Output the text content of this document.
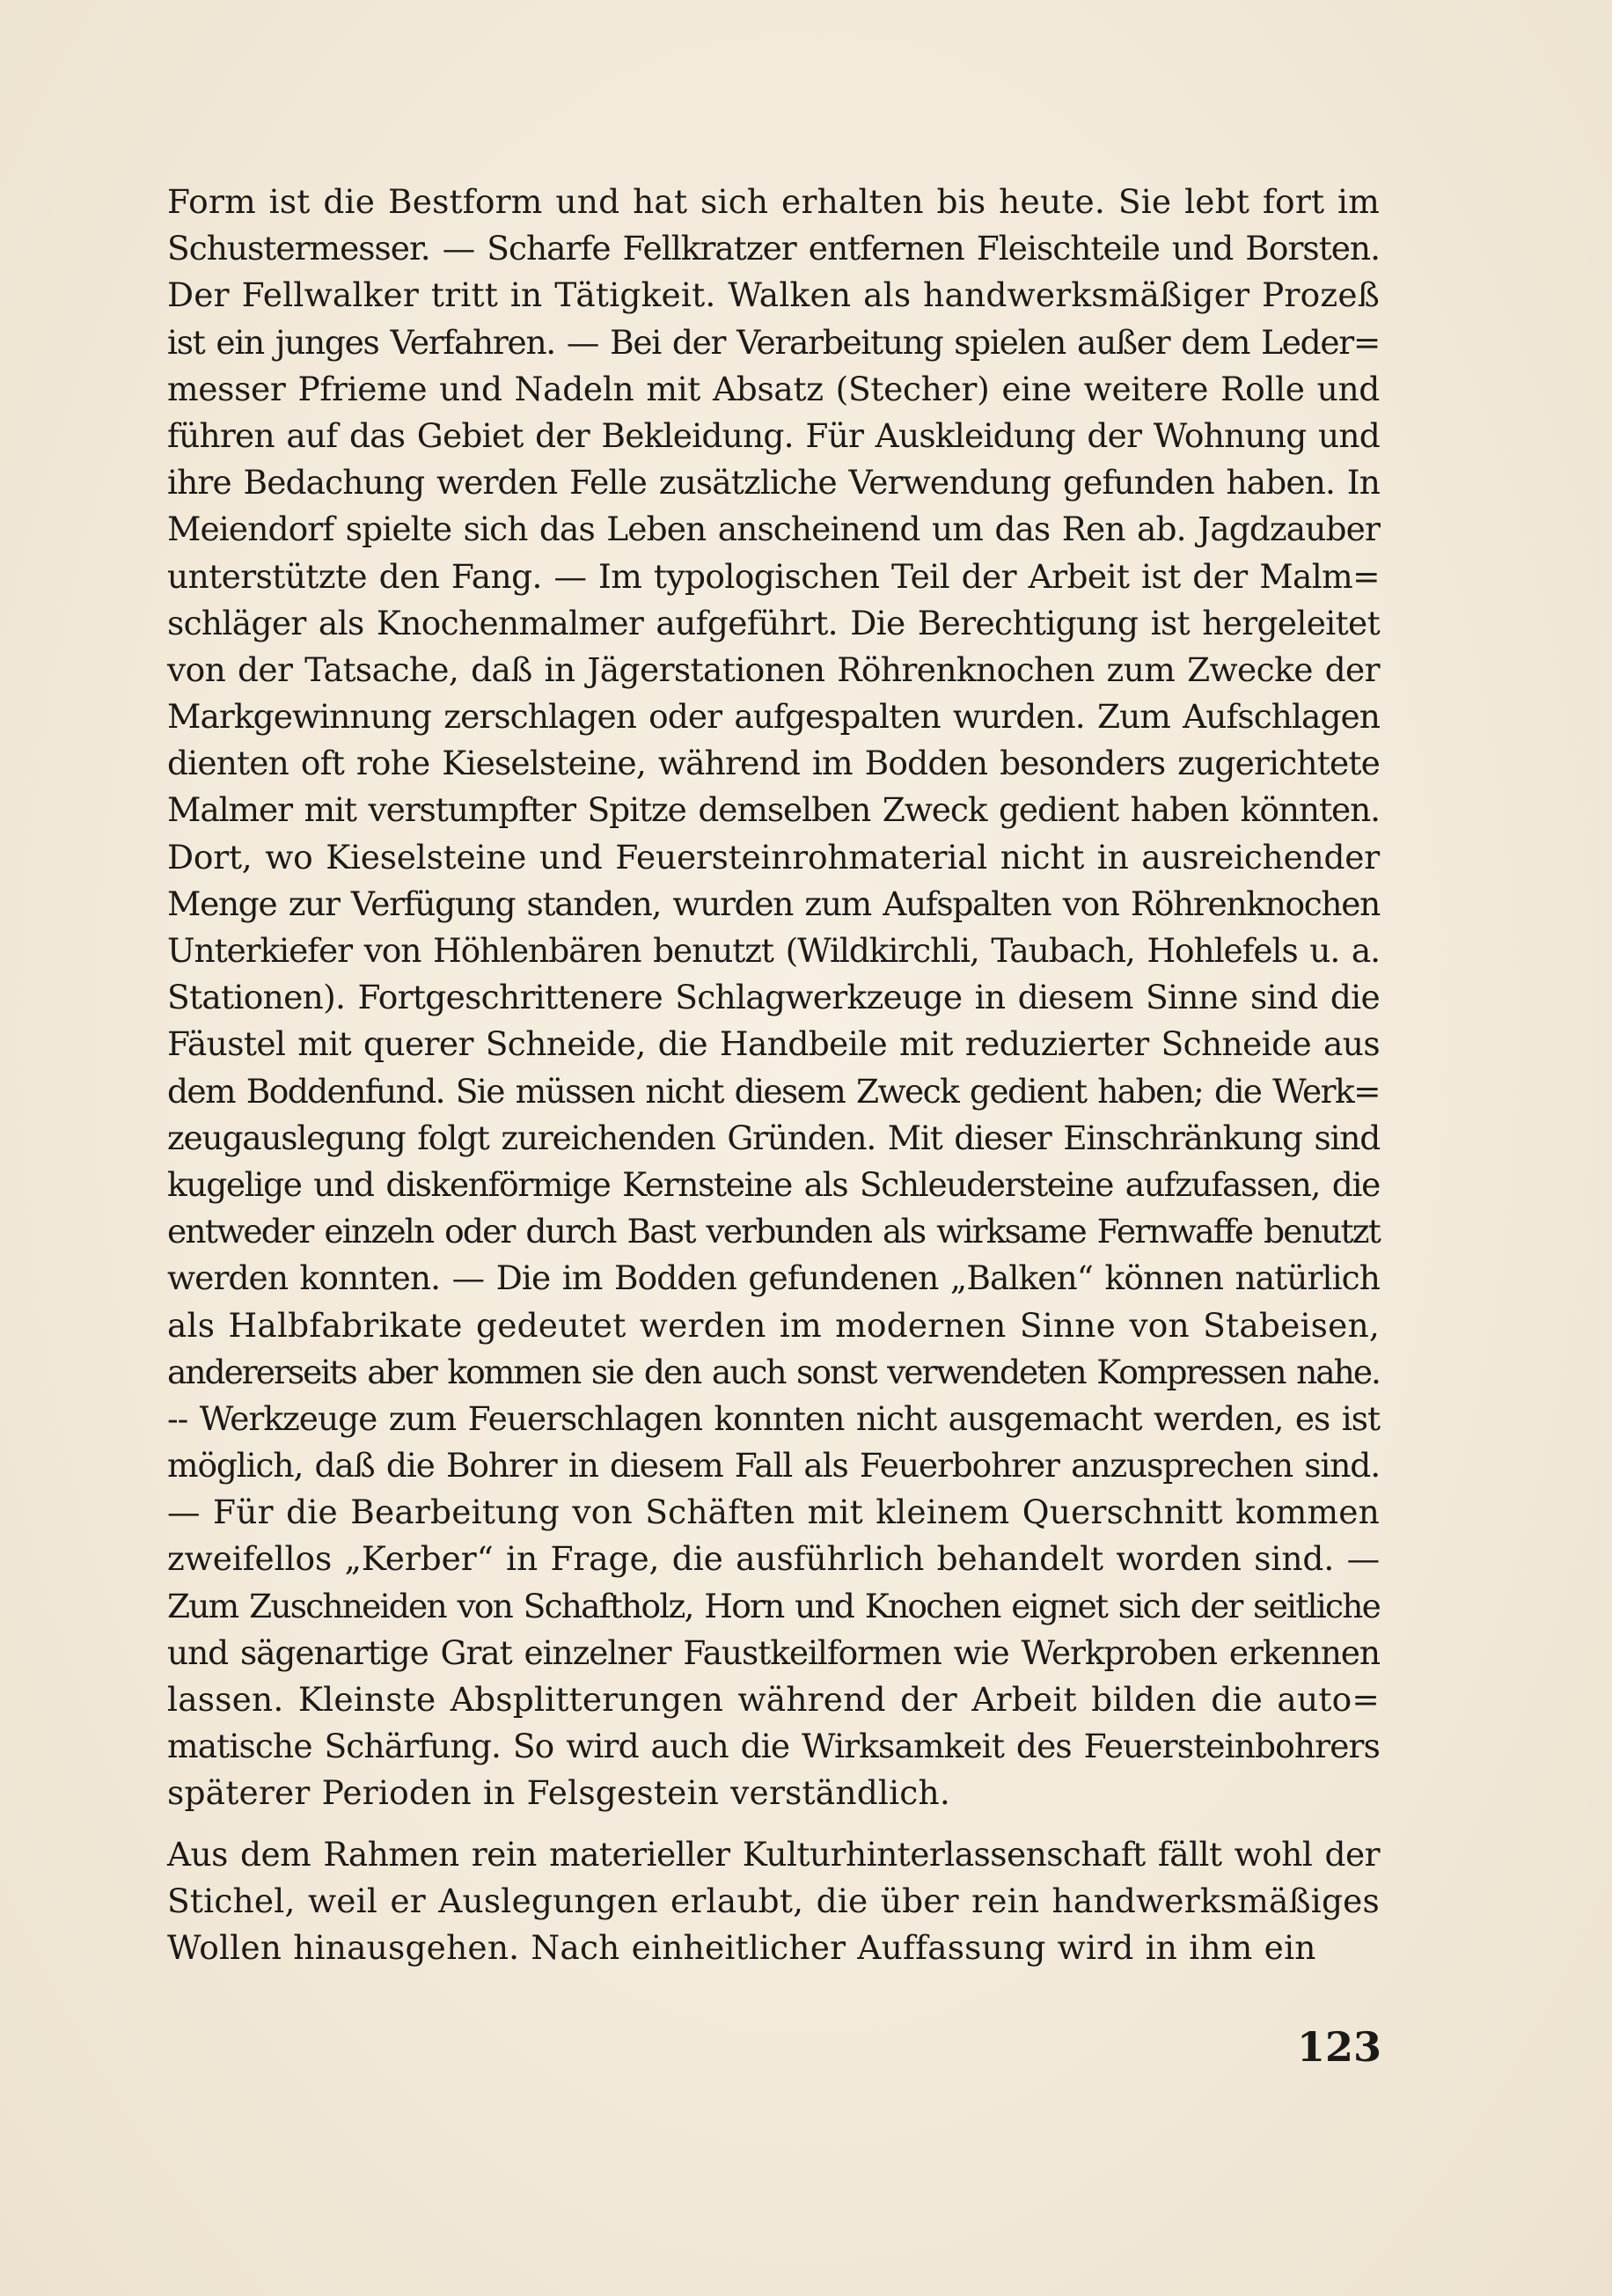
Form ist die Bestform und hat sich erhalten bis heute. Sie lebt fort im
Schustermesser. — Scharfe Fellkratzer entfernen Fleischteile und Borsten.
Der Fellwalker tritt in Tätigkeit. Walken als handwerksmäßiger Prozeß
ist ein junges Verfahren. — Bei der Verarbeitung spielen außer dem Leder=
messer Pfrieme und Nadeln mit Absatz (Stecher) eine weitere Rolle und
führen auf das Gebiet der Bekleidung. Für Auskleidung der Wohnung und
ihre Bedachung werden Felle zusätzliche Verwendung gefunden haben. In
Meiendorf spielte sich das Leben anscheinend um das Ren ab. Jagdzauber
unterstützte den Fang. — Im typologischen Teil der Arbeit ist der Malm=
schläger als Knochenmalmer aufgeführt. Die Berechtigung ist hergeleitet
von der Tatsache, daß in Jägerstationen Röhrenknochen zum Zwecke der
Markgewinnung zerschlagen oder aufgespalten wurden. Zum Aufschlagen
dienten oft rohe Kieselsteine, während im Bodden besonders zugerichtete
Malmer mit verstumpfter Spitze demselben Zweck gedient haben könnten.
Dort, wo Kieselsteine und Feuersteinrohmaterial nicht in ausreichender
Menge zur Verfügung standen, wurden zum Aufspalten von Röhrenknochen
Unterkiefer von Höhlenbären benutzt (Wildkirchli, Taubach, Hohlefels u. a.
Stationen). Fortgeschrittenere Schlagwerkzeuge in diesem Sinne sind die
Fäustel mit querer Schneide, die Handbeile mit reduzierter Schneide aus
dem Boddenfund. Sie müssen nicht diesem Zweck gedient haben; die Werk=
zeugauslegung folgt zureichenden Gründen. Mit dieser Einschränkung sind
kugelige und diskenförmige Kernsteine als Schleudersteine aufzufassen, die
entweder einzeln oder durch Bast verbunden als wirksame Fernwaffe benutzt
werden konnten. — Die im Bodden gefundenen „Balken“ können natürlich
als Halbfabrikate gedeutet werden im modernen Sinne von Stabeisen,
andererseits aber kommen sie den auch sonst verwendeten Kompressen nahe.
-- Werkzeuge zum Feuerschlagen konnten nicht ausgemacht werden, es ist
möglich, daß die Bohrer in diesem Fall als Feuerbohrer anzusprechen sind.
— Für die Bearbeitung von Schäften mit kleinem Querschnitt kommen
zweifellos „Kerber“ in Frage, die ausführlich behandelt worden sind. —
Zum Zuschneiden von Schaftholz, Horn und Knochen eignet sich der seitliche
und sägenartige Grat einzelner Faustkeilformen wie Werkproben erkennen
lassen. Kleinste Absplitterungen während der Arbeit bilden die auto=
matische Schärfung. So wird auch die Wirksamkeit des Feuersteinbohrers
späterer Perioden in Felsgestein verständlich.
Aus dem Rahmen rein materieller Kulturhinterlassenschaft fällt wohl der
Stichel, weil er Auslegungen erlaubt, die über rein handwerksmäßiges
Wollen hinausgehen. Nach einheitlicher Auffassung wird in ihm ein
123
